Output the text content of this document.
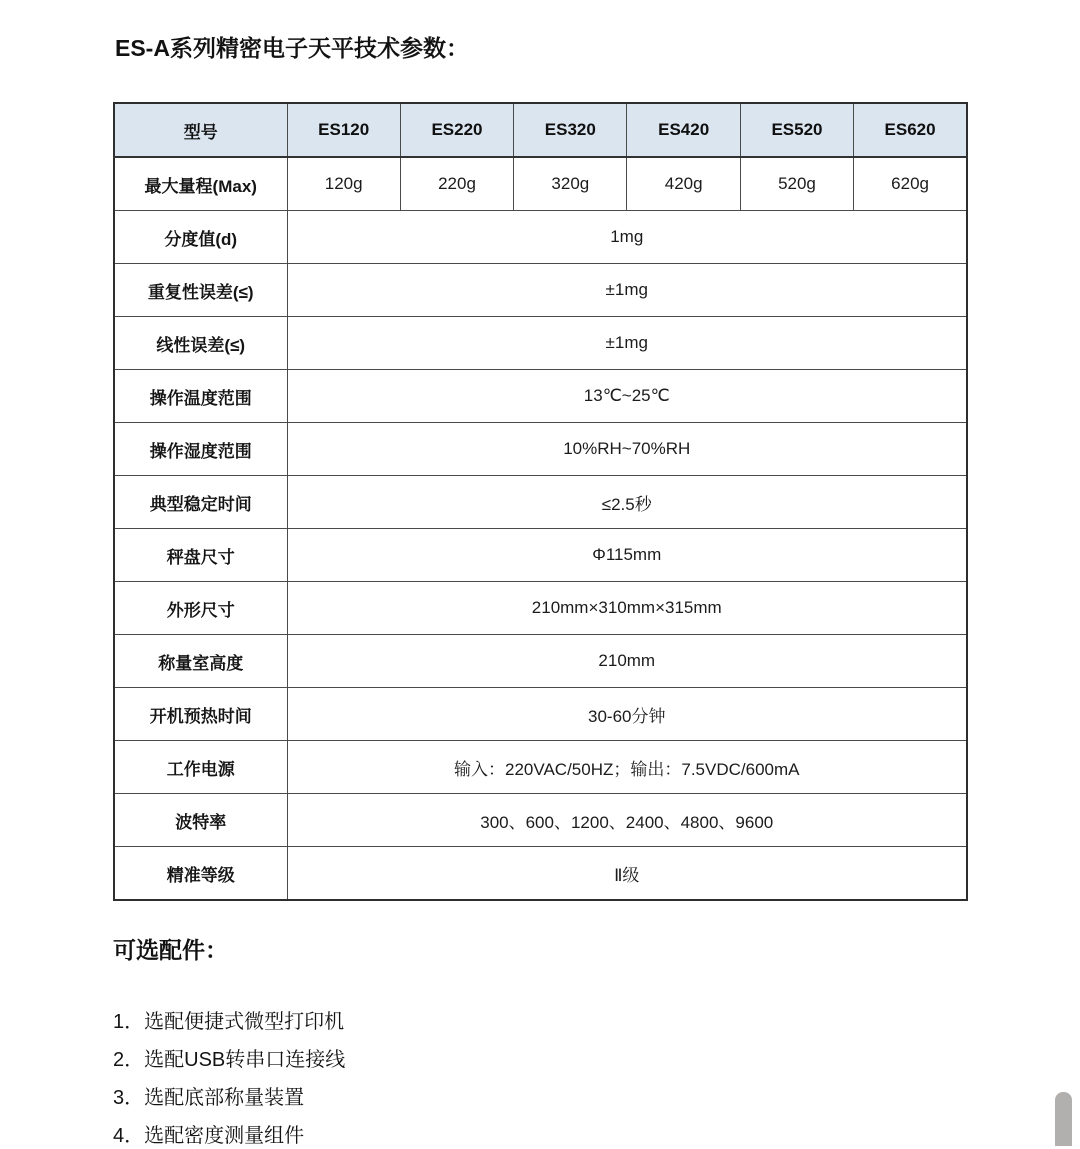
ES-A系列精密电子天平技术参数：
型号	ES120	ES220	ES320	ES420	ES520	ES620
最大量程(Max)	120g	220g	320g	420g	520g	620g
分度值(d)	1mg					
重复性误差(≤)	±1mg					
线性误差(≤)	±1mg					
操作温度范围	13℃~25℃					
操作湿度范围	10%RH~70%RH					
典型稳定时间	≤2.5秒					
秤盘尺寸	Φ115mm					
外形尺寸	210mm×310mm×315mm					
称量室高度	210mm					
开机预热时间	30-60分钟					
工作电源	输入：220VAC/50HZ；输出：7.5VDC/600mA					
波特率	300、600、1200、2400、4800、9600					
精准等级	Ⅱ级					
可选配件：
1．选配便捷式微型打印机
2．选配USB转串口连接线
3．选配底部称量装置
4．选配密度测量组件
